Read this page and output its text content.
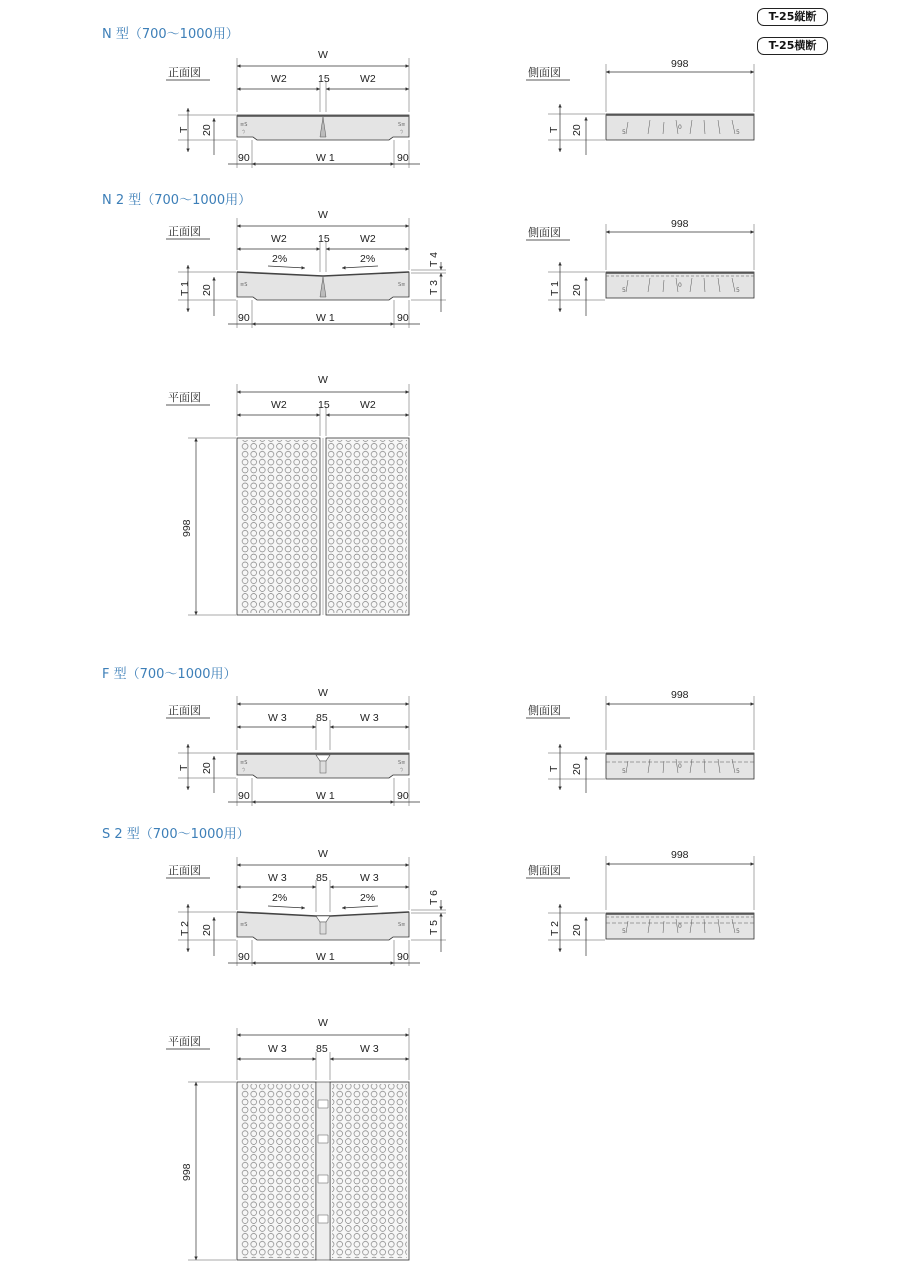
T-25縦断
T-25横断
≡S	S≡
ㄅ	ㄅ
5	5
0
N 型（700〜1000用）
正面図
W
W2	15	W2
T 20
90	W 1	90
側面図
998
T 20
N 2 型（700〜1000用）
正面図
W
W2	15	W2
2%	2%
≡S	S≡
T 1 20
T 4
T 3
90	W 1	90
側面図
998
T 1 20
平面図
W
W2	15	W2
998
F 型（700〜1000用）
正面図
W
W 3	85	W 3
T 20
90	W 1	90
側面図
998
T 20
S 2 型（700〜1000用）
正面図
W
W 3	85	W 3
2%	2%
≡S	S≡
T 2 20
T 6
T 5
90	W 1	90
側面図
998
T 2 20
平面図
W
W 3	85	W 3
998
